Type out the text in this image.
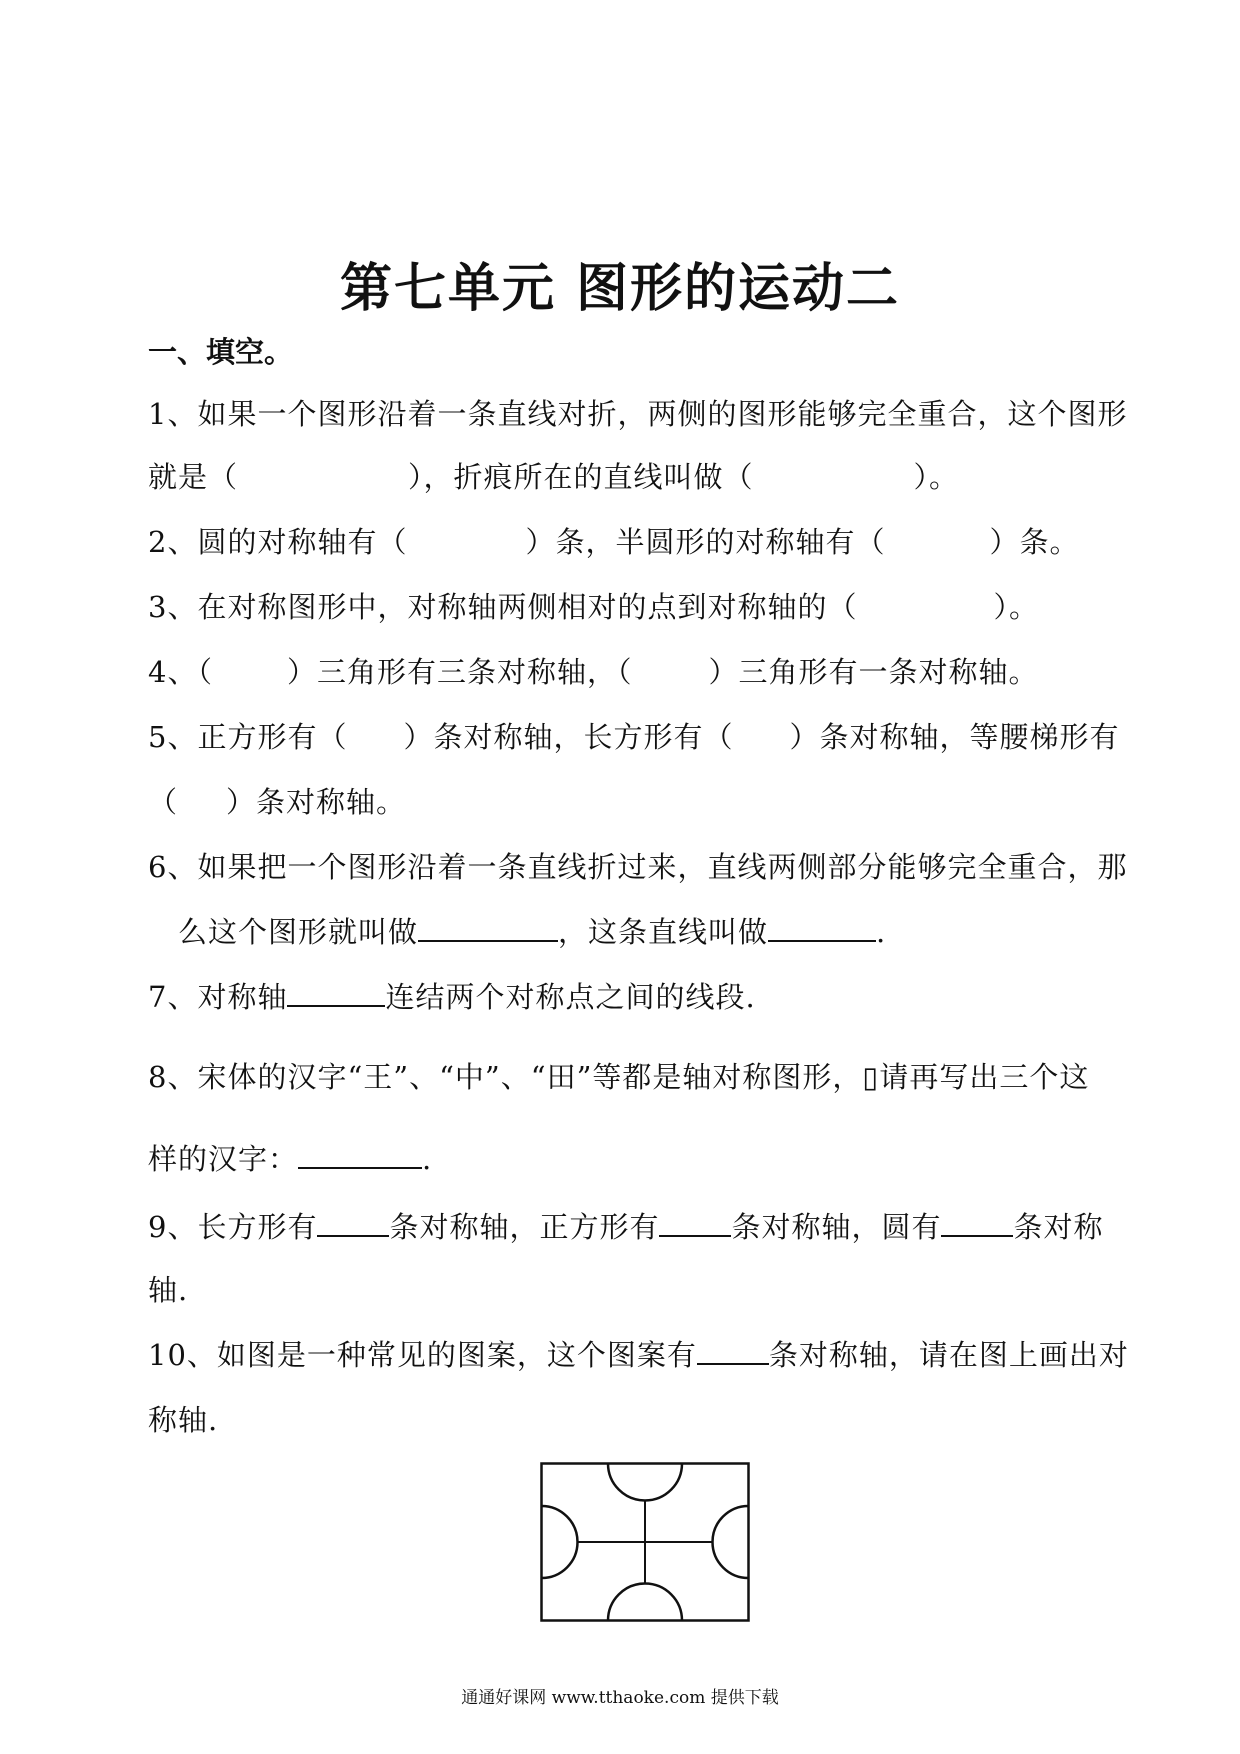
第七单元 图形的运动二
一、填空。
1、如果一个图形沿着一条直线对折，两侧的图形能够完全重合，这个图形
就是（	），折痕所在的直线叫做（	）。
2、圆的对称轴有（	）条，半圆形的对称轴有（	）条。
3、在对称图形中，对称轴两侧相对的点到对称轴的（	）。
4、（	）三角形有三条对称轴，（	）三角形有一条对称轴。
5、正方形有（ ）条对称轴，长方形有（ ）条对称轴，等腰梯形有
（ ）条对称轴。
6、如果把一个图形沿着一条直线折过来，直线两侧部分能够完全重合，那
么这个图形就叫做	，这条直线叫做	.
7、对称轴	连结两个对称点之间的线段.
8、宋体的汉字“王”、“中”、“田”等都是轴对称图形，▯请再写出三个这
样的汉字：	.
9、长方形有 条对称轴，正方形有 条对称轴，圆有 条对称
轴.
10、如图是一种常见的图案，这个图案有 条对称轴，请在图上画出对
称轴.
通通好课网 www.tthaoke.com 提供下载
